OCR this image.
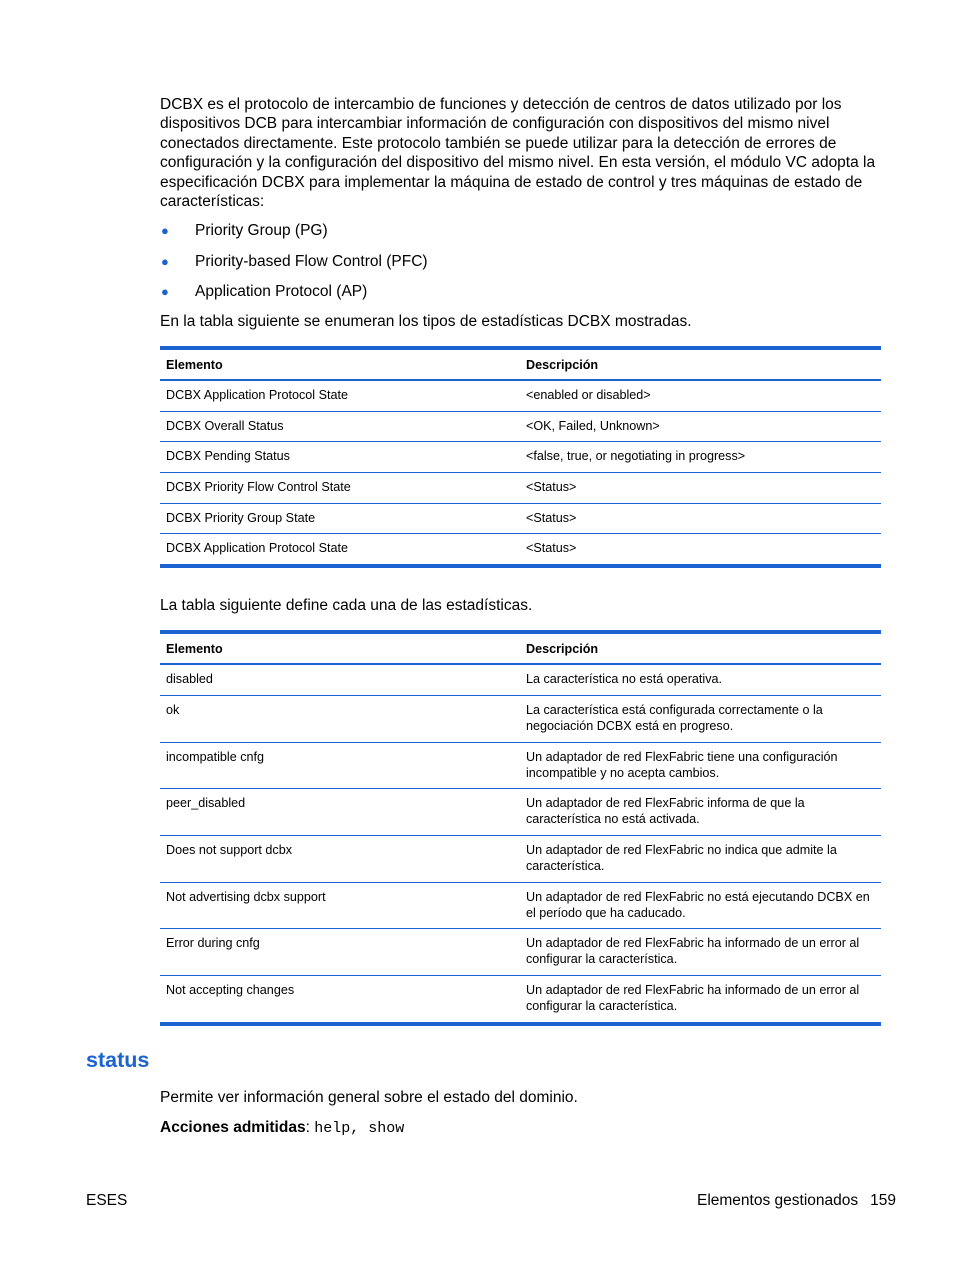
DCBX es el protocolo de intercambio de funciones y detección de centros de datos utilizado por los dispositivos DCB para intercambiar información de configuración con dispositivos del mismo nivel conectados directamente. Este protocolo también se puede utilizar para la detección de errores de configuración y la configuración del dispositivo del mismo nivel. En esta versión, el módulo VC adopta la especificación DCBX para implementar la máquina de estado de control y tres máquinas de estado de características:

● Priority Group (PG)
● Priority-based Flow Control (PFC)
● Application Protocol (AP)

En la tabla siguiente se enumeran los tipos de estadísticas DCBX mostradas.

Elemento	Descripción
DCBX Application Protocol State	<enabled or disabled>
DCBX Overall Status	<OK, Failed, Unknown>
DCBX Pending Status	<false, true, or negotiating in progress>
DCBX Priority Flow Control State	<Status>
DCBX Priority Group State	<Status>
DCBX Application Protocol State	<Status>

La tabla siguiente define cada una de las estadísticas.

Elemento	Descripción
disabled	La característica no está operativa.
ok	La característica está configurada correctamente o la negociación DCBX está en progreso.
incompatible cnfg	Un adaptador de red FlexFabric tiene una configuración incompatible y no acepta cambios.
peer_disabled	Un adaptador de red FlexFabric informa de que la característica no está activada.
Does not support dcbx	Un adaptador de red FlexFabric no indica que admite la característica.
Not advertising dcbx support	Un adaptador de red FlexFabric no está ejecutando DCBX en el período que ha caducado.
Error during cnfg	Un adaptador de red FlexFabric ha informado de un error al configurar la característica.
Not accepting changes	Un adaptador de red FlexFabric ha informado de un error al configurar la característica.
status

Permite ver información general sobre el estado del dominio.

Acciones admitidas: help, show

ESES	Elementos gestionados 159
